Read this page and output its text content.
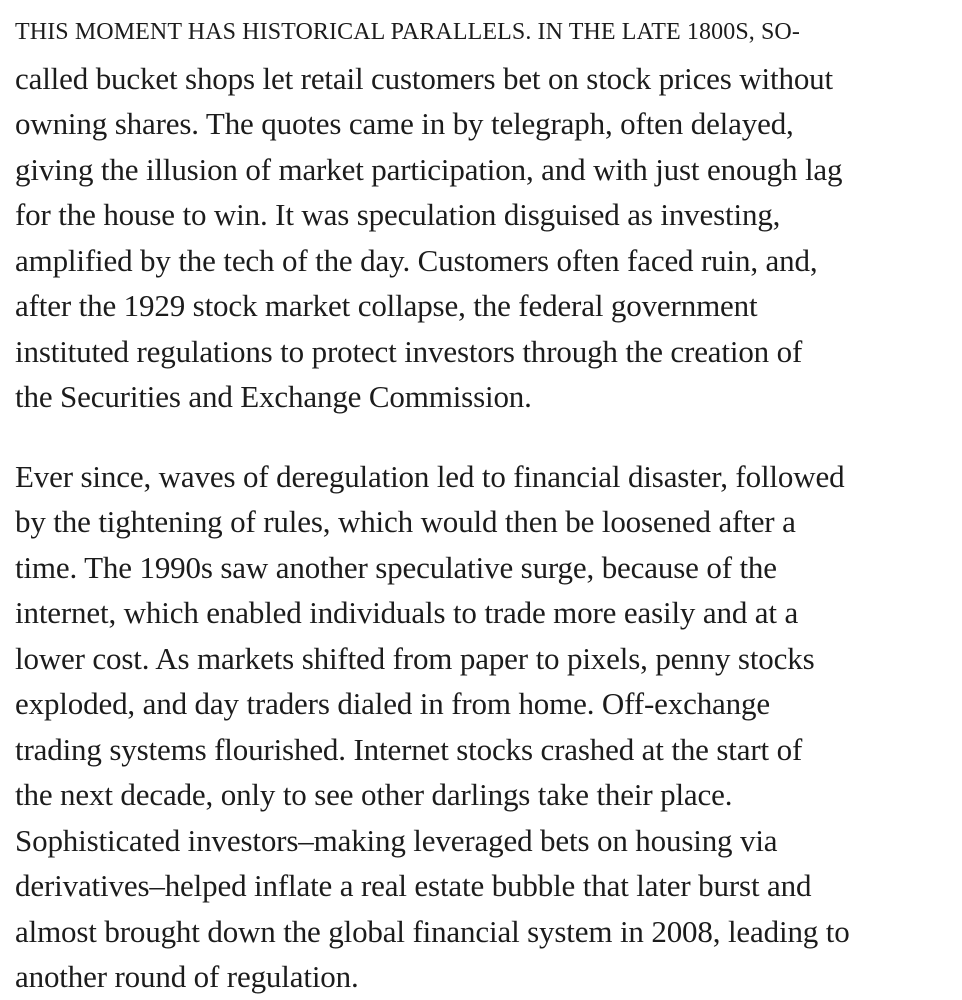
THIS MOMENT HAS HISTORICAL PARALLELS. IN THE LATE 1800S, SO-
called bucket shops let retail customers bet on stock prices without
owning shares. The quotes came in by telegraph, often delayed,
giving the illusion of market participation, and with just enough lag
for the house to win. It was speculation disguised as investing,
amplified by the tech of the day. Customers often faced ruin, and,
after the 1929 stock market collapse, the federal government
instituted regulations to protect investors through the creation of
the Securities and Exchange Commission.

Ever since, waves of deregulation led to financial disaster, followed
by the tightening of rules, which would then be loosened after a
time. The 1990s saw another speculative surge, because of the
internet, which enabled individuals to trade more easily and at a
lower cost. As markets shifted from paper to pixels, penny stocks
exploded, and day traders dialed in from home. Off-exchange
trading systems flourished. Internet stocks crashed at the start of
the next decade, only to see other darlings take their place.
Sophisticated investors–making leveraged bets on housing via
derivatives–helped inflate a real estate bubble that later burst and
almost brought down the global financial system in 2008, leading to
another round of regulation.
